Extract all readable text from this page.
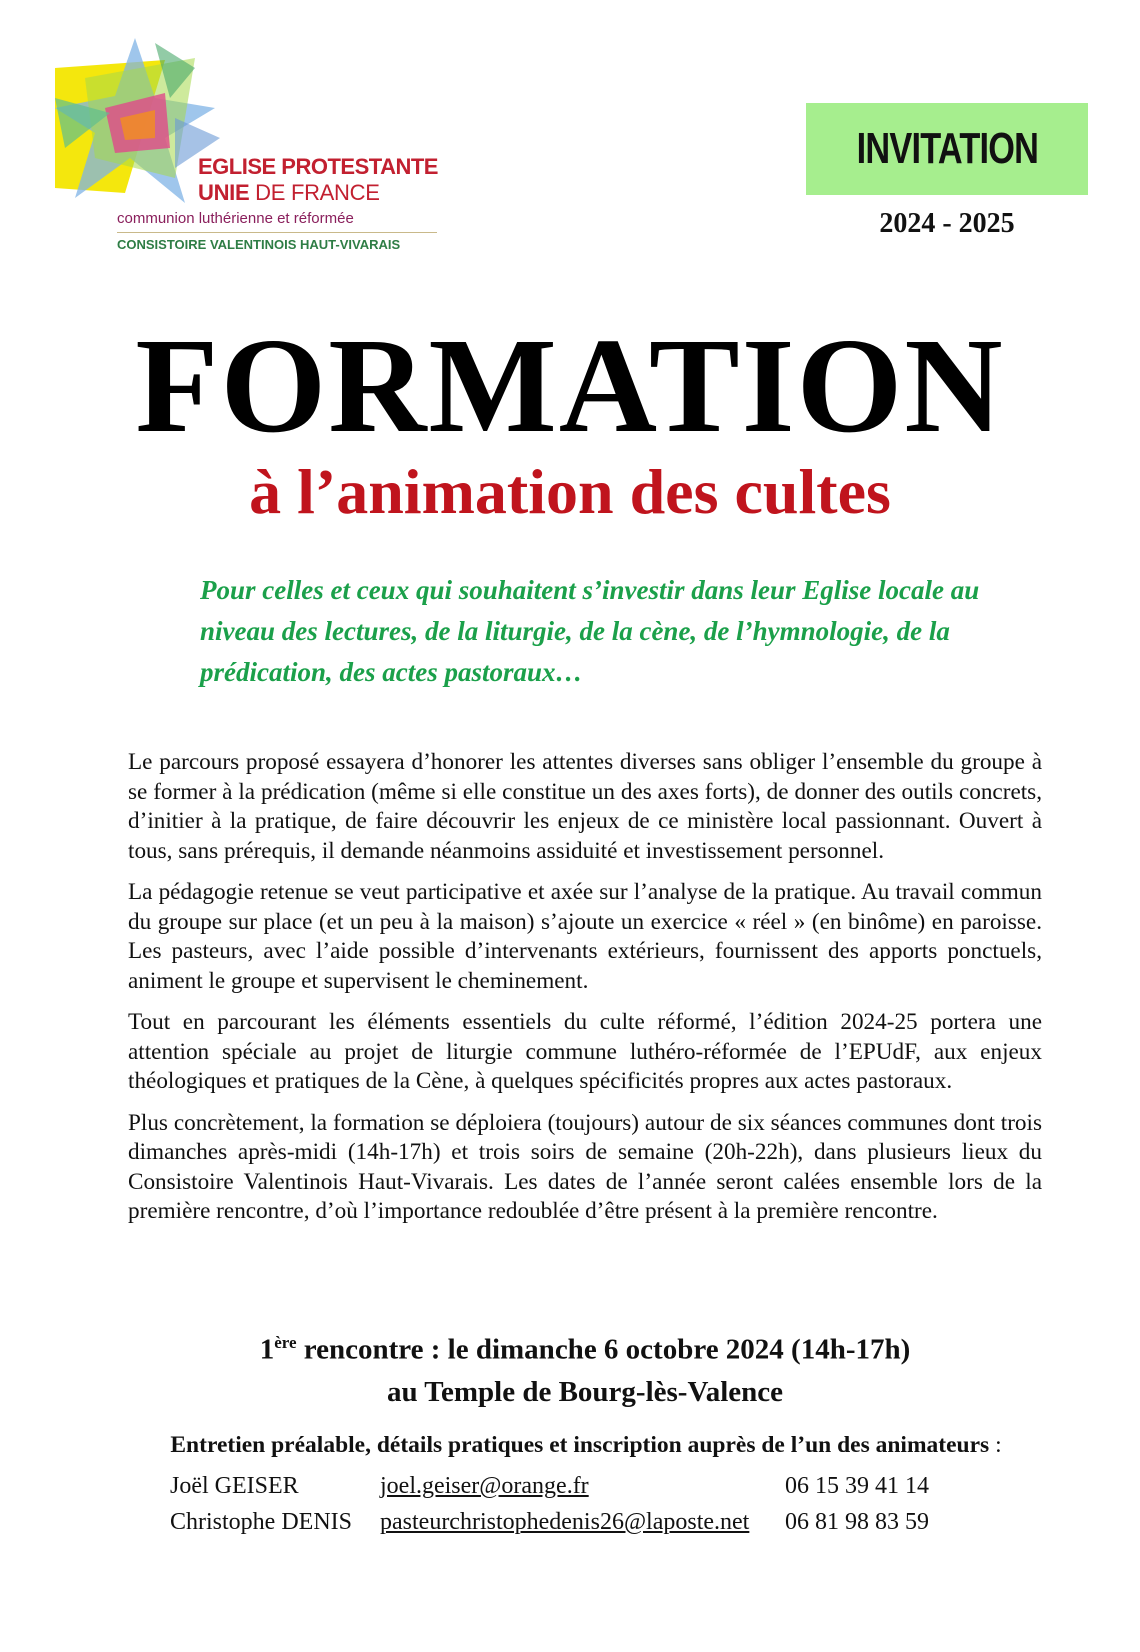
EGLISE PROTESTANTE
UNIE DE FRANCE
communion luthérienne et réformée
CONSISTOIRE VALENTINOIS HAUT-VIVARAIS
INVITATION
2024 - 2025
FORMATION
à l’animation des cultes
Pour celles et ceux qui souhaitent s’investir dans leur Eglise locale au niveau des lectures, de la liturgie, de la cène, de l’hymnologie, de la prédication, des actes pastoraux…

Le parcours proposé essayera d’honorer les attentes diverses sans obliger l’ensemble du groupe à se former à la prédication (même si elle constitue un des axes forts), de donner des outils concrets, d’initier à la pratique, de faire découvrir les enjeux de ce ministère local passionnant. Ouvert à tous, sans prérequis, il demande néanmoins assiduité et investissement personnel.

La pédagogie retenue se veut participative et axée sur l’analyse de la pratique. Au travail commun du groupe sur place (et un peu à la maison) s’ajoute un exercice « réel » (en binôme) en paroisse. Les pasteurs, avec l’aide possible d’intervenants extérieurs, fournissent des apports ponctuels, animent le groupe et supervisent le cheminement.

Tout en parcourant les éléments essentiels du culte réformé, l’édition 2024-25 portera une attention spéciale au projet de liturgie commune luthéro-réformée de l’EPUdF, aux enjeux théologiques et pratiques de la Cène, à quelques spécificités propres aux actes pastoraux.

Plus concrètement, la formation se déploiera (toujours) autour de six séances communes dont trois dimanches après-midi (14h-17h) et trois soirs de semaine (20h-22h), dans plusieurs lieux du Consistoire Valentinois Haut-Vivarais. Les dates de l’année seront calées ensemble lors de la première rencontre, d’où l’importance redoublée d’être présent à la première rencontre.

1ère rencontre : le dimanche 6 octobre 2024 (14h-17h)
au Temple de Bourg-lès-Valence
Entretien préalable, détails pratiques et inscription auprès de l’un des animateurs :
Joël GEISER	joel.geiser@orange.fr	06 15 39 41 14
Christophe DENIS pasteurchristophedenis26@laposte.net 06 81 98 83 59
